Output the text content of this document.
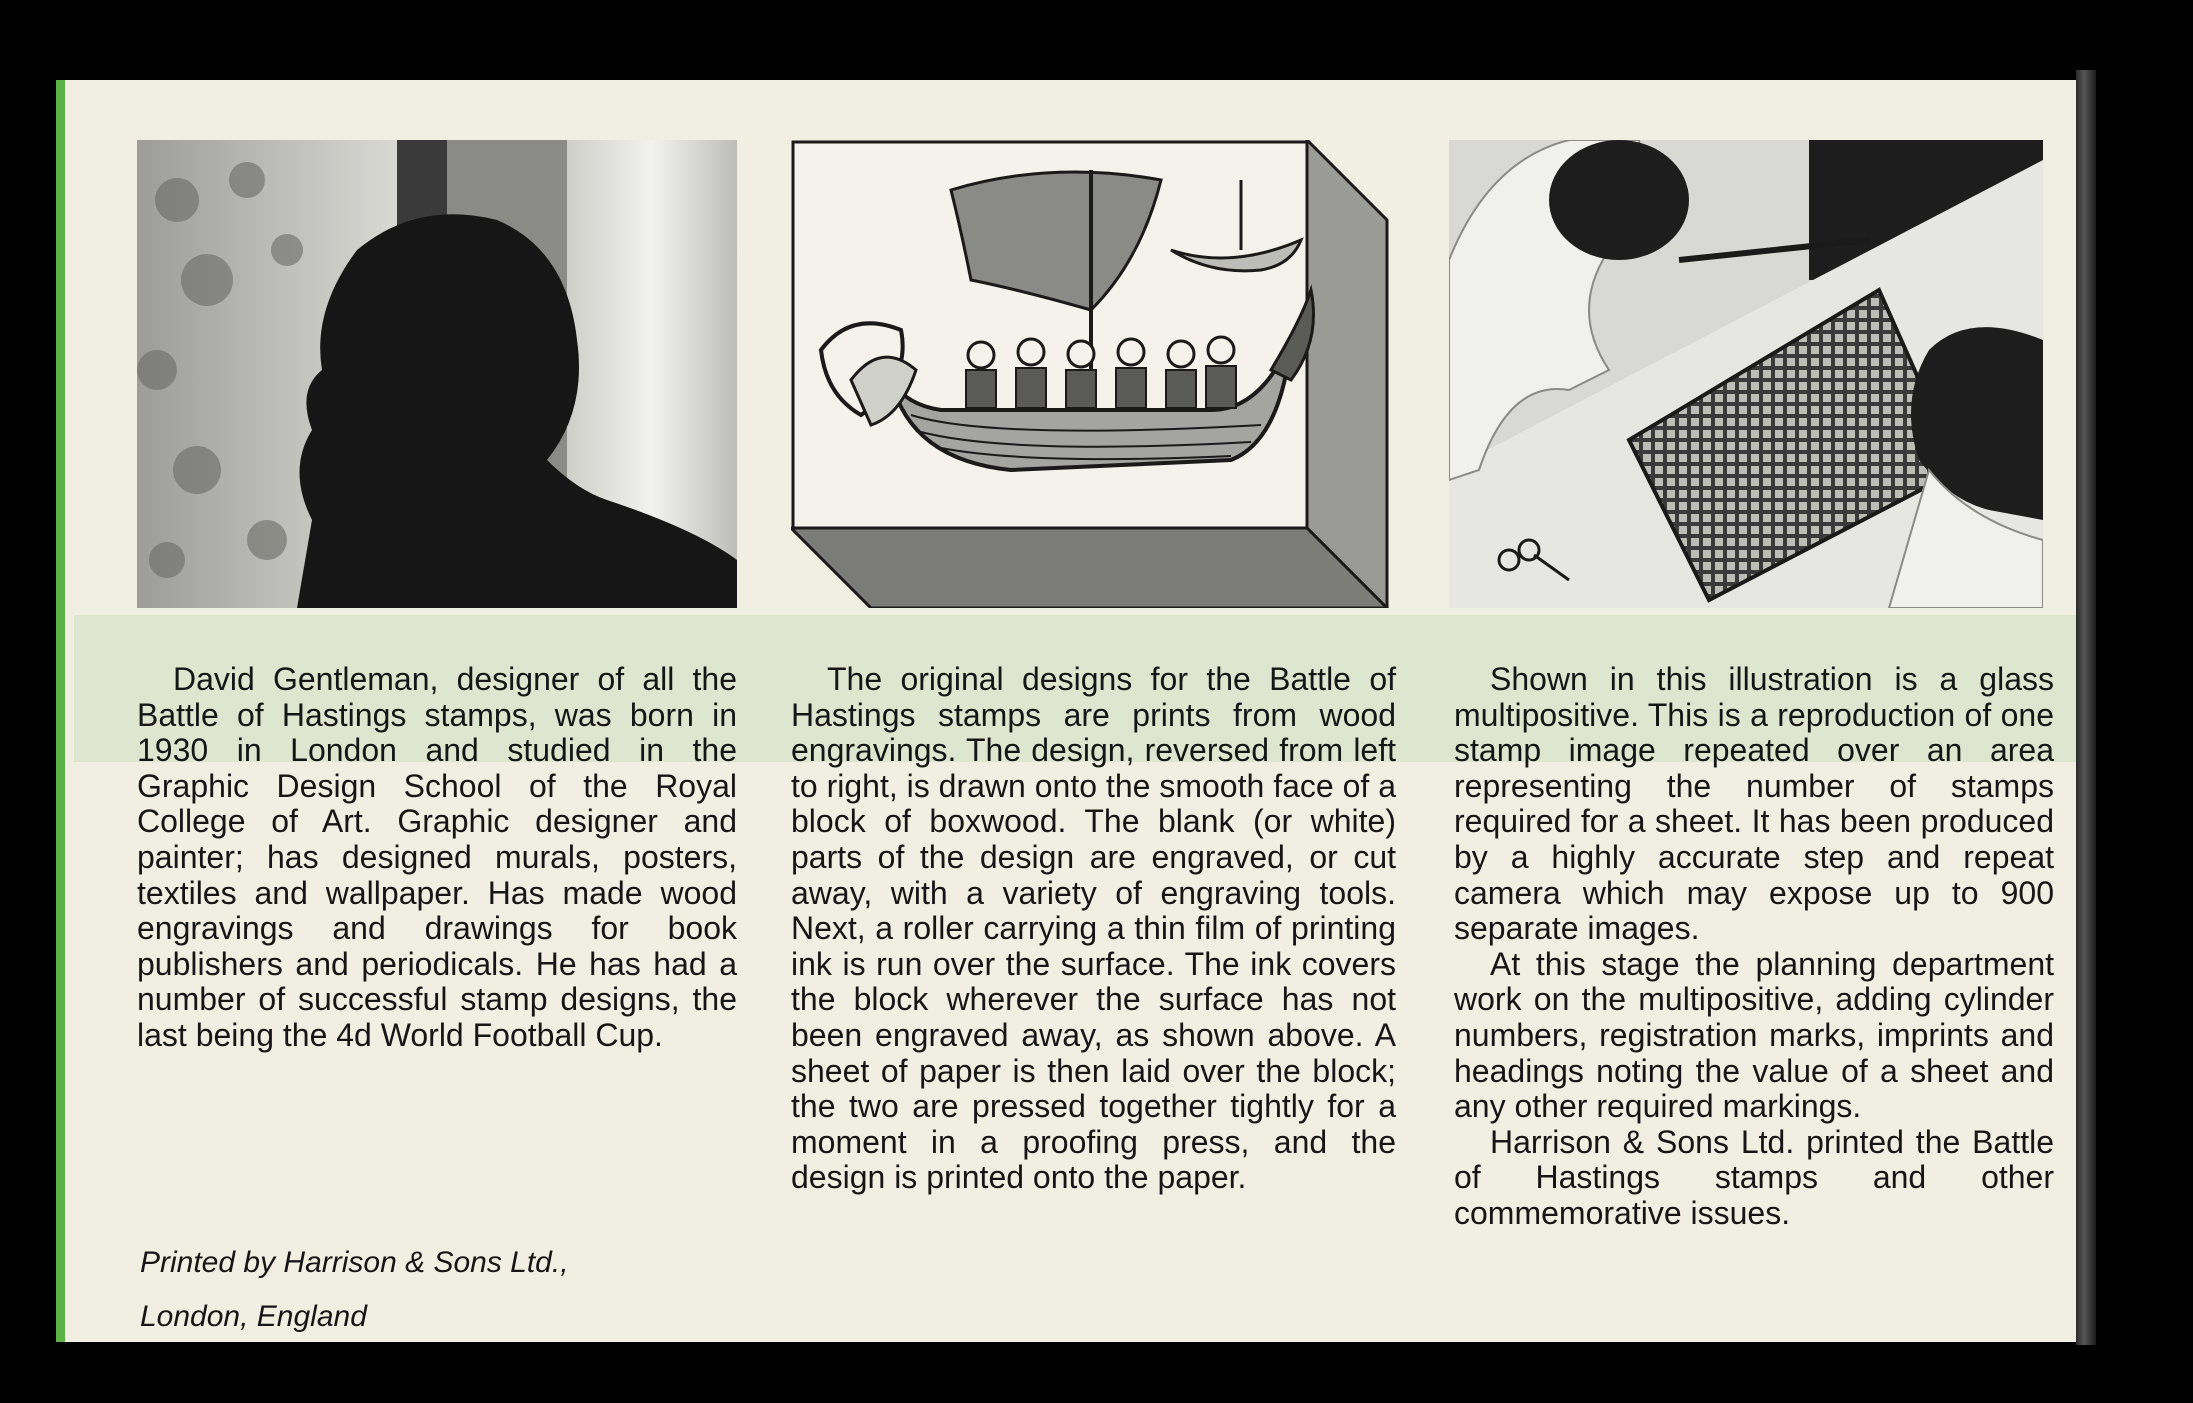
David Gentleman, designer of all the Battle of Hastings stamps, was born in 1930 in London and studied in the Graphic Design School of the Royal College of Art. Graphic designer and painter; has designed murals, posters, textiles and wallpaper. Has made wood engravings and drawings for book publishers and periodicals. He has had a number of successful stamp designs, the last being the 4d World Football Cup.

The original designs for the Battle of Hastings stamps are prints from wood engravings. The design, reversed from left to right, is drawn onto the smooth face of a block of boxwood. The blank (or white) parts of the design are engraved, or cut away, with a variety of engraving tools. Next, a roller carrying a thin film of printing ink is run over the surface. The ink covers the block wherever the surface has not been engraved away, as shown above. A sheet of paper is then laid over the block; the two are pressed together tightly for a moment in a proofing press, and the design is printed onto the paper.

Shown in this illustration is a glass multipositive. This is a reproduction of one stamp image repeated over an area representing the number of stamps required for a sheet. It has been produced by a highly accurate step and repeat camera which may expose up to 900 separate images.

At this stage the planning department work on the multipositive, adding cylinder numbers, registration marks, imprints and headings noting the value of a sheet and any other required markings.

Harrison & Sons Ltd. printed the Battle of Hastings stamps and other commemorative issues.

Printed by Harrison & Sons Ltd.,
London, England
